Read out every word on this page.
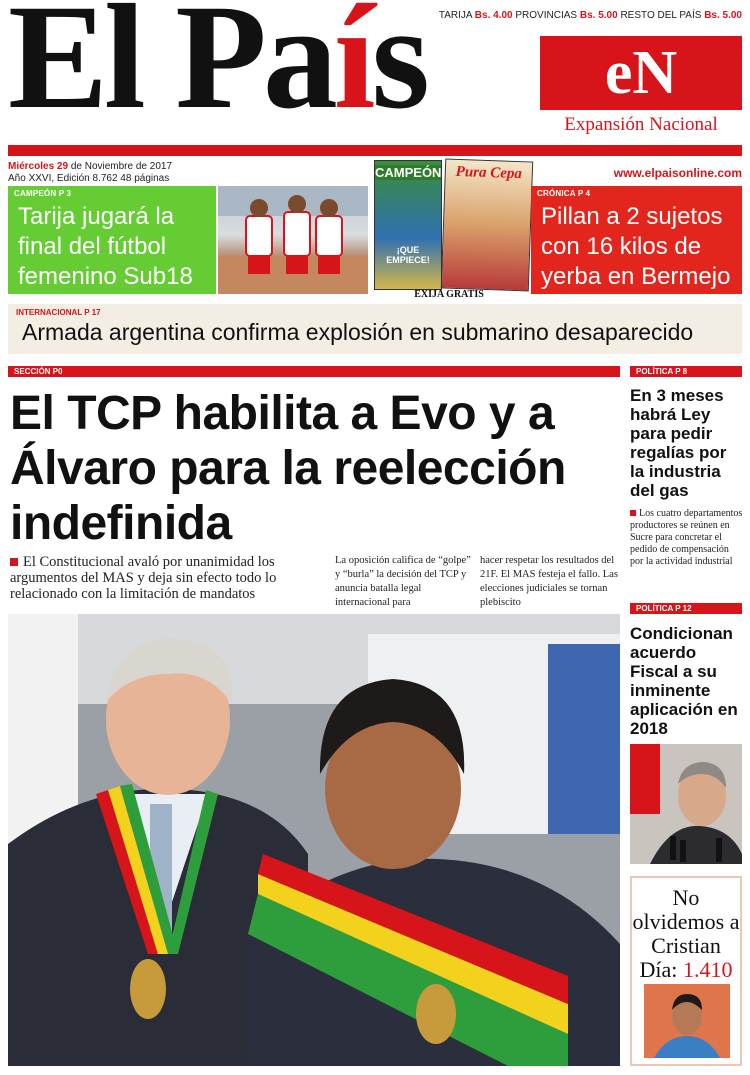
El País TARIJA Bs. 4.00 PROVINCIAS Bs. 5.00 RESTO DEL PAÍS Bs. 5.00
eN
Expansión Nacional
Miércoles 29 de Noviembre de 2017
Año XXVI, Edición 8.762 48 páginas	www.elpaisonline.com
CAMPEÓN P 3
Tarija jugará la final del fútbol femenino Sub18
CAMPEÓN
¡QUE EMPIECE!
Pura Cepa
EXIJA GRATIS
CRÓNICA P 4
Pillan a 2 sujetos con 16 kilos de yerba en Bermejo
INTERNACIONAL P 17
Armada argentina confirma explosión en submarino desaparecido
SECCIÓN P0
El TCP habilita a Evo y a Álvaro para la reelección indefinida
El Constitucional avaló por unanimidad los argumentos del MAS y deja sin efecto todo lo relacionado con la limitación de mandatos
La oposición califica de “golpe” y “burla” la decisión del TCP y anuncia batalla legal internacional para
hacer respetar los resultados del 21F. El MAS festeja el fallo. Las elecciones judiciales se tornan plebiscito
POLÍTICA P 8
En 3 meses habrá Ley para pedir regalías por la industria del gas
Los cuatro departamentos productores se reúnen en Sucre para concretar el pedido de compensación por la actividad industrial
POLÍTICA P 12
Condicionan acuerdo Fiscal a su inminente aplicación en 2018
No olvidemos a Cristian
Día: 1.410
